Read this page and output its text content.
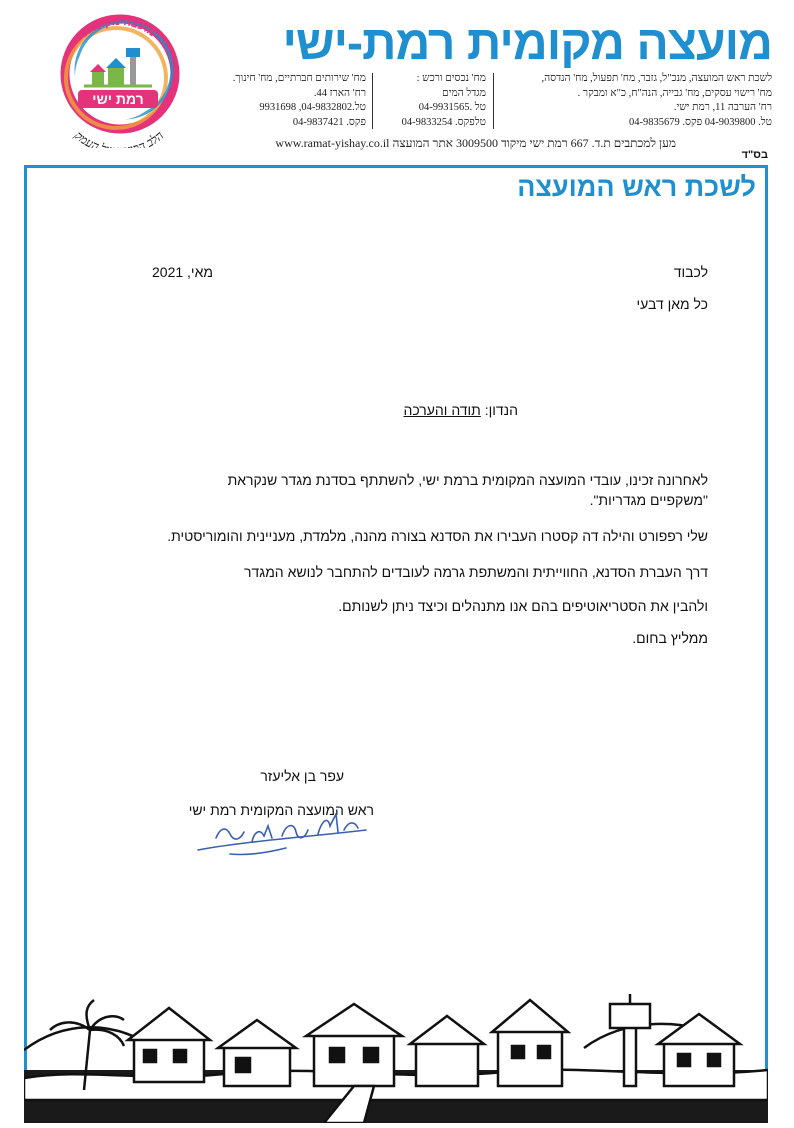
רמת ישי
מועצה מקומית
הלב ה העמק
מועצה מקומית רמת-ישי
לשכת ראש המועצה, מנכ"ל, גזבר, מח' תפעול, מח' הנדסה,
מח' רישוי עסקים, מח' גבייה, הנה"ח, כ"א ומבקר .
רח' הערבה 11, רמת ישי.
טל. 04-9039800 פקס. 04-9835679
מח' נכסים ורכש :
מגדל המים
טל .04-9931565
טלפקס. 04-9833254
מח' שירותים חברתיים, מח' חינוך.
רח' הארז 44.
טל.04-9832802, 9931698
פקס. 04-9837421
מען למכתבים ת.ד. 667 רמת ישי מיקוד 3009500 אתר המועצה www.ramat-yishay.co.il
בס"ד
לשכת ראש המועצה
לכבוד
מאי, 2021
כל מאן דבעי
הנדון: תודה והערכה
לאחרונה זכינו, עובדי המועצה המקומית ברמת ישי, להשתתף בסדנת מגדר שנקראת
"משקפיים מגדריות".
שלי רפפורט והילה דה קסטרו העבירו את הסדנא בצורה מהנה, מלמדת, מעניינית והומוריסטית.
דרך העברת הסדנא, החווייתית והמשתפת גרמה לעובדים להתחבר לנושא המגדר
ולהבין את הסטריאוטיפים בהם אנו מתנהלים וכיצד ניתן לשנותם.
ממליץ בחום.
עפר בן אליעזר
ראש המועצה המקומית רמת ישי
